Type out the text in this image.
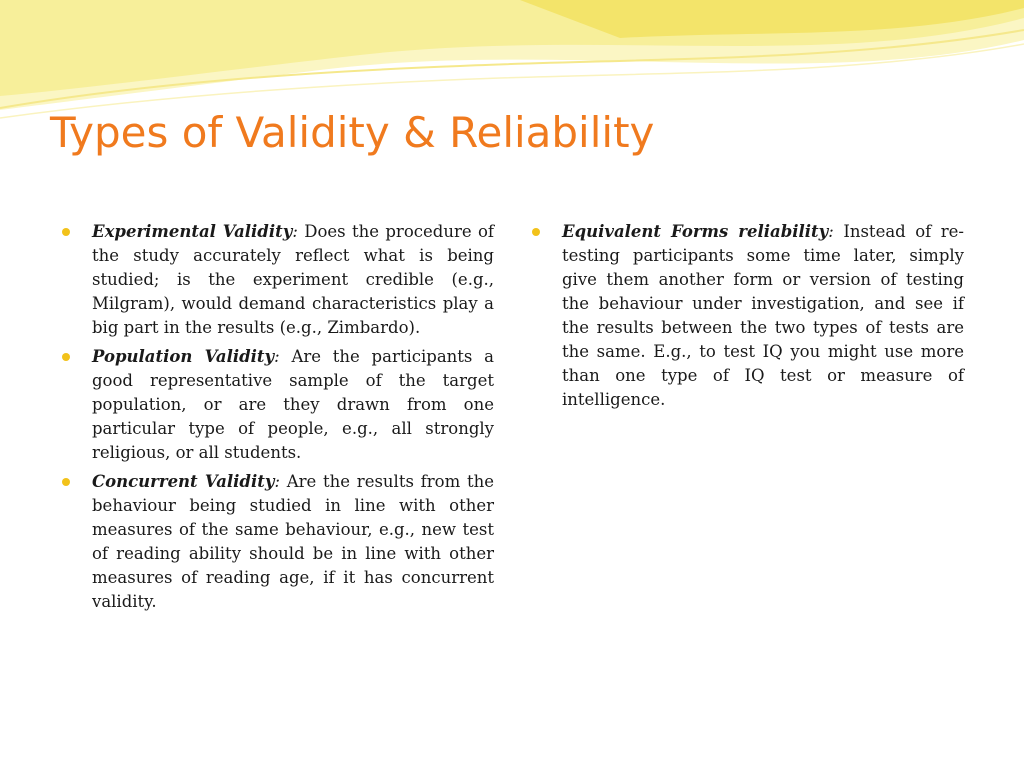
Types of Validity & Reliability
Experimental Validity: Does the procedure of the study accurately reflect what is being studied; is the experiment credible (e.g., Milgram), would demand characteristics play a big part in the results (e.g., Zimbardo).
Population Validity: Are the participants a good representative sample of the target population, or are they drawn from one particular type of people, e.g., all strongly religious, or all students.
Concurrent Validity: Are the results from the behaviour being studied in line with other measures of the same behaviour, e.g., new test of reading ability should be in line with other measures of reading age, if it has concurrent validity.
Equivalent Forms reliability: Instead of re-testing participants some time later, simply give them another form or version of testing the behaviour under investigation, and see if the results between the two types of tests are the same. E.g., to test IQ you might use more than one type of IQ test or measure of intelligence.
